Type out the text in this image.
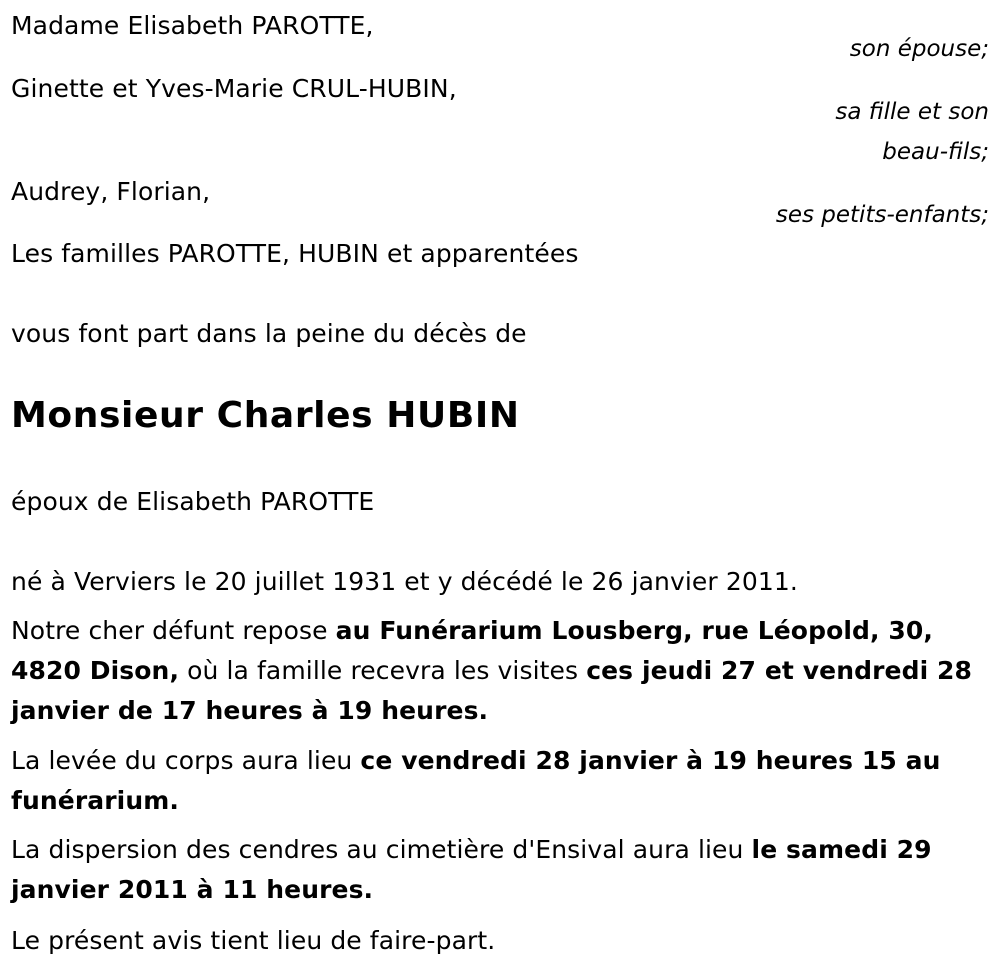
Madame Elisabeth PAROTTE,
son épouse;
Ginette et Yves-Marie CRUL-HUBIN,
sa fille et son
beau-fils;
Audrey, Florian,
ses petits-enfants;
Les familles PAROTTE, HUBIN et apparentées
vous font part dans la peine du décès de
Monsieur Charles HUBIN
époux de Elisabeth PAROTTE
né à Verviers le 20 juillet 1931 et y décédé le 26 janvier 2011.
Notre cher défunt repose au Funérarium Lousberg, rue Léopold, 30, 4820 Dison, où la famille recevra les visites ces jeudi 27 et vendredi 28 janvier de 17 heures à 19 heures.
La levée du corps aura lieu ce vendredi 28 janvier à 19 heures 15 au funérarium.
La dispersion des cendres au cimetière d'Ensival aura lieu le samedi 29 janvier 2011 à 11 heures.
Le présent avis tient lieu de faire-part.
